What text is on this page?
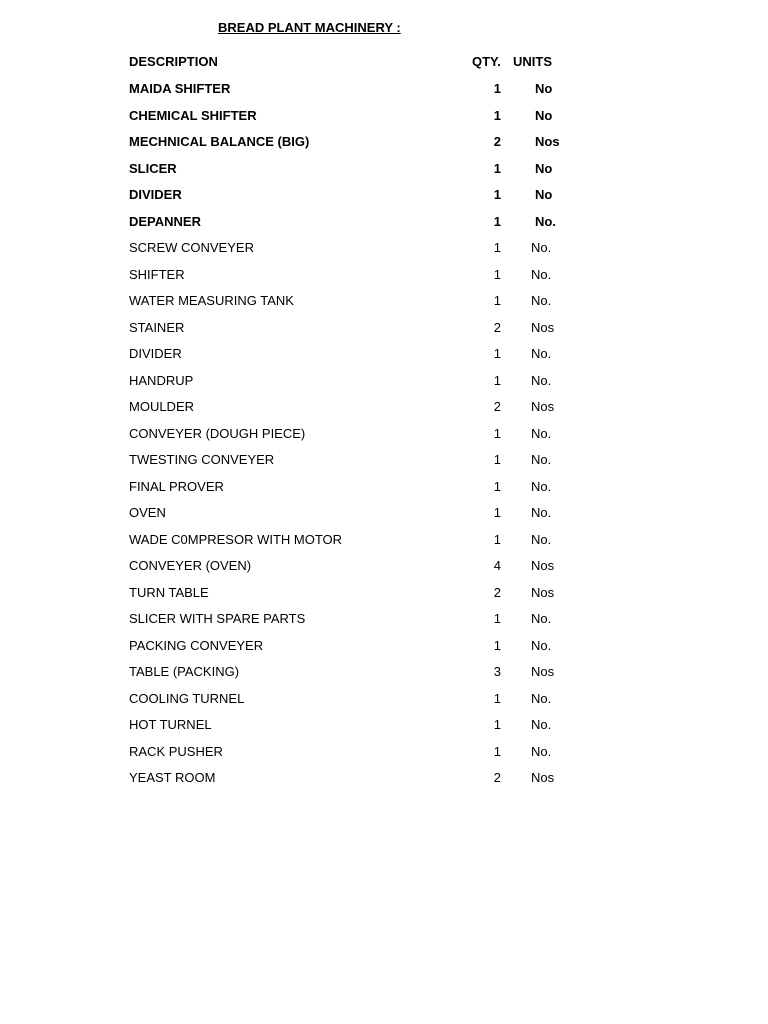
BREAD PLANT MACHINERY :
DESCRIPTION	QTY. UNITS
MAIDA SHIFTER	1	No
CHEMICAL SHIFTER	1	No
MECHNICAL BALANCE (BIG)	2	Nos
SLICER	1	No
DIVIDER	1	No
DEPANNER	1	No.
SCREW CONVEYER	1	No.
SHIFTER	1	No.
WATER MEASURING TANK	1	No.
STAINER	2	Nos
DIVIDER	1	No.
HANDRUP	1	No.
MOULDER	2	Nos
CONVEYER (DOUGH PIECE)	1	No.
TWESTING CONVEYER	1	No.
FINAL PROVER	1	No.
OVEN	1	No.
WADE C0MPRESOR WITH MOTOR	1	No.
CONVEYER (OVEN)	4	Nos
TURN TABLE	2	Nos
SLICER WITH SPARE PARTS	1	No.
PACKING CONVEYER	1	No.
TABLE (PACKING)	3	Nos
COOLING TURNEL	1	No.
HOT TURNEL	1	No.
RACK PUSHER	1	No.
YEAST ROOM	2	Nos
